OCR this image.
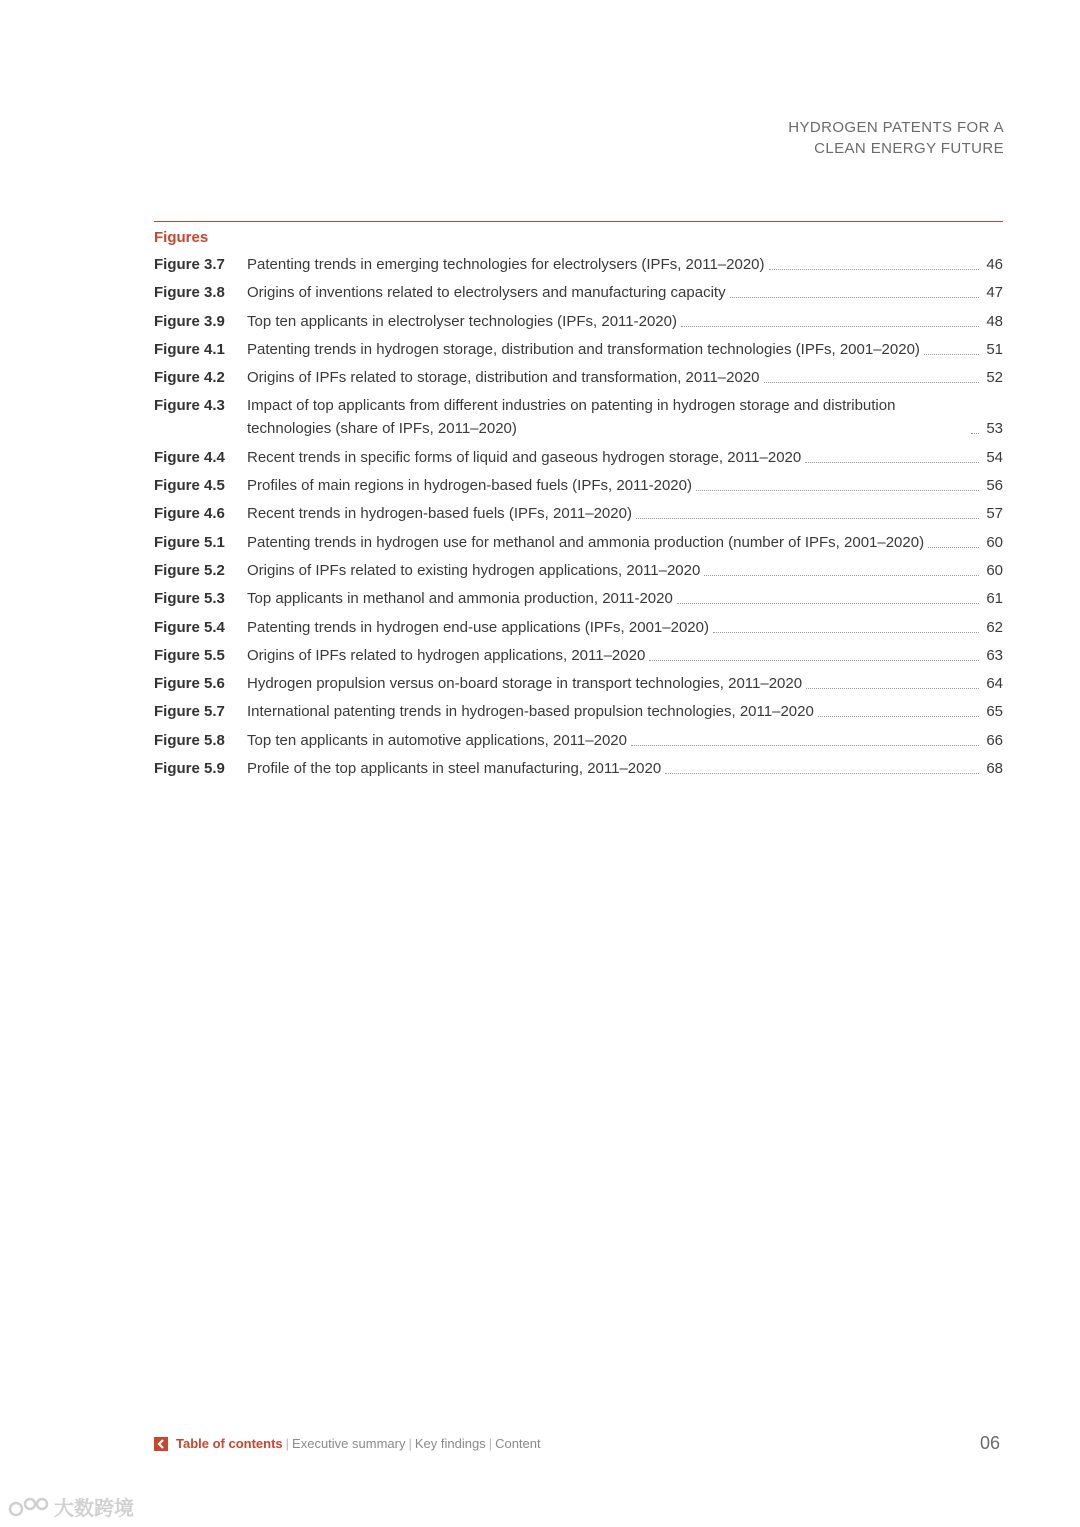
HYDROGEN PATENTS FOR A
CLEAN ENERGY FUTURE
Figures
Figure 3.7	Patenting trends in emerging technologies for electrolysers (IPFs, 2011–2020)	46
Figure 3.8	Origins of inventions related to electrolysers and manufacturing capacity	47
Figure 3.9	Top ten applicants in electrolyser technologies (IPFs, 2011-2020)	48
Figure 4.1	Patenting trends in hydrogen storage, distribution and transformation technologies (IPFs, 2001–2020)	51
Figure 4.2	Origins of IPFs related to storage, distribution and transformation, 2011–2020	52
Figure 4.3	Impact of top applicants from different industries on patenting in hydrogen storage and distribution technologies (share of IPFs, 2011–2020)	53
Figure 4.4	Recent trends in specific forms of liquid and gaseous hydrogen storage, 2011–2020	54
Figure 4.5	Profiles of main regions in hydrogen-based fuels (IPFs, 2011-2020)	56
Figure 4.6	Recent trends in hydrogen-based fuels (IPFs, 2011–2020)	57
Figure 5.1	Patenting trends in hydrogen use for methanol and ammonia production (number of IPFs, 2001–2020)	60
Figure 5.2	Origins of IPFs related to existing hydrogen applications, 2011–2020	60
Figure 5.3	Top applicants in methanol and ammonia production, 2011-2020	61
Figure 5.4	Patenting trends in hydrogen end-use applications (IPFs, 2001–2020)	62
Figure 5.5	Origins of IPFs related to hydrogen applications, 2011–2020	63
Figure 5.6	Hydrogen propulsion versus on-board storage in transport technologies, 2011–2020	64
Figure 5.7	International patenting trends in hydrogen-based propulsion technologies, 2011–2020	65
Figure 5.8	Top ten applicants in automotive applications, 2011–2020	66
Figure 5.9	Profile of the top applicants in steel manufacturing, 2011–2020	68
Table of contents | Executive summary | Key findings | Content	06
大数跨境
